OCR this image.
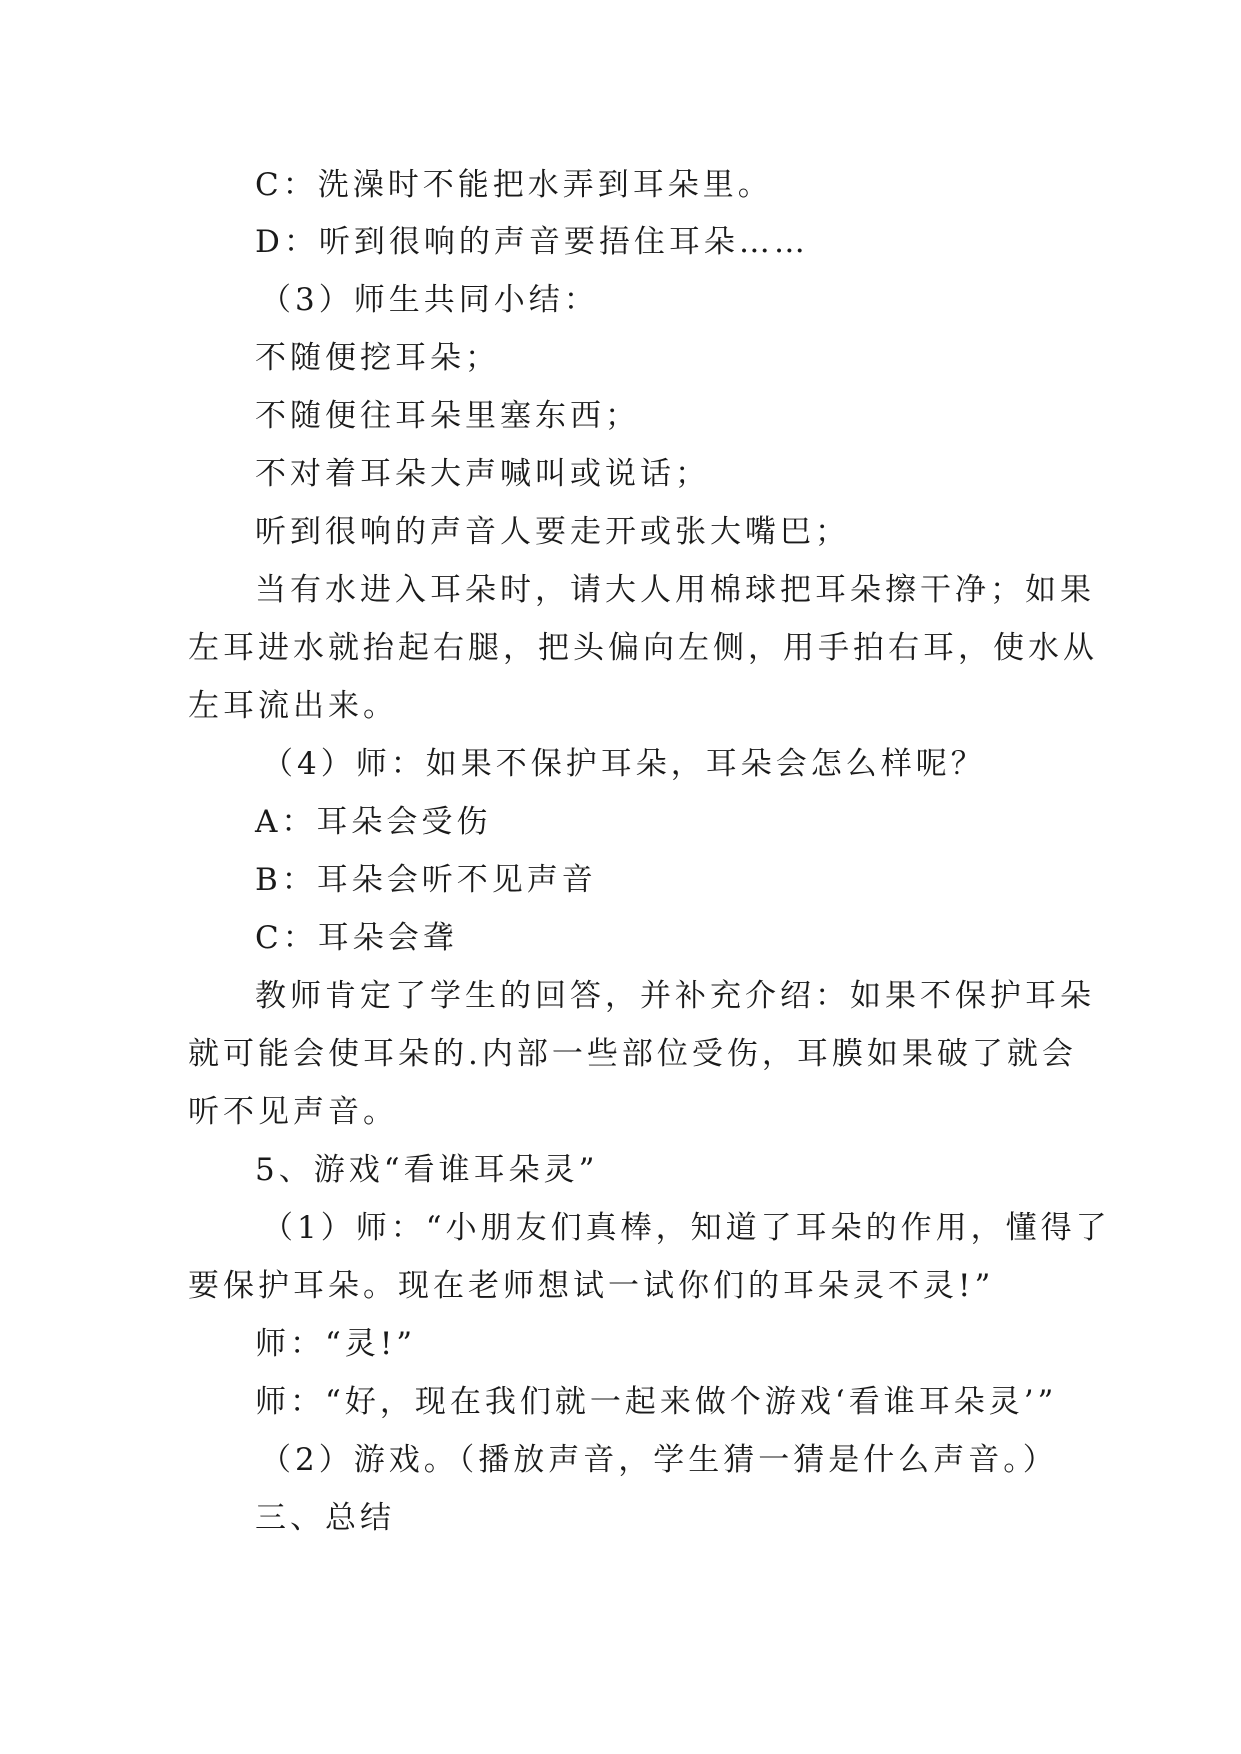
C：洗澡时不能把水弄到耳朵里。
D：听到很响的声音要捂住耳朵……
（3）师生共同小结：
不随便挖耳朵；
不随便往耳朵里塞东西；
不对着耳朵大声喊叫或说话；
听到很响的声音人要走开或张大嘴巴；
当有水进入耳朵时，请大人用棉球把耳朵擦干净；如果
左耳进水就抬起右腿，把头偏向左侧，用手拍右耳，使水从
左耳流出来。
（4）师：如果不保护耳朵，耳朵会怎么样呢？
A：耳朵会受伤
B：耳朵会听不见声音
C：耳朵会聋
教师肯定了学生的回答，并补充介绍：如果不保护耳朵
就可能会使耳朵的.内部一些部位受伤，耳膜如果破了就会
听不见声音。
5、游戏“看谁耳朵灵”
（1）师：“小朋友们真棒，知道了耳朵的作用，懂得了
要保护耳朵。现在老师想试一试你们的耳朵灵不灵!”
师：“灵!”
师：“好，现在我们就一起来做个游戏‘看谁耳朵灵’”
（2）游戏。（播放声音，学生猜一猜是什么声音。）
三、总结
